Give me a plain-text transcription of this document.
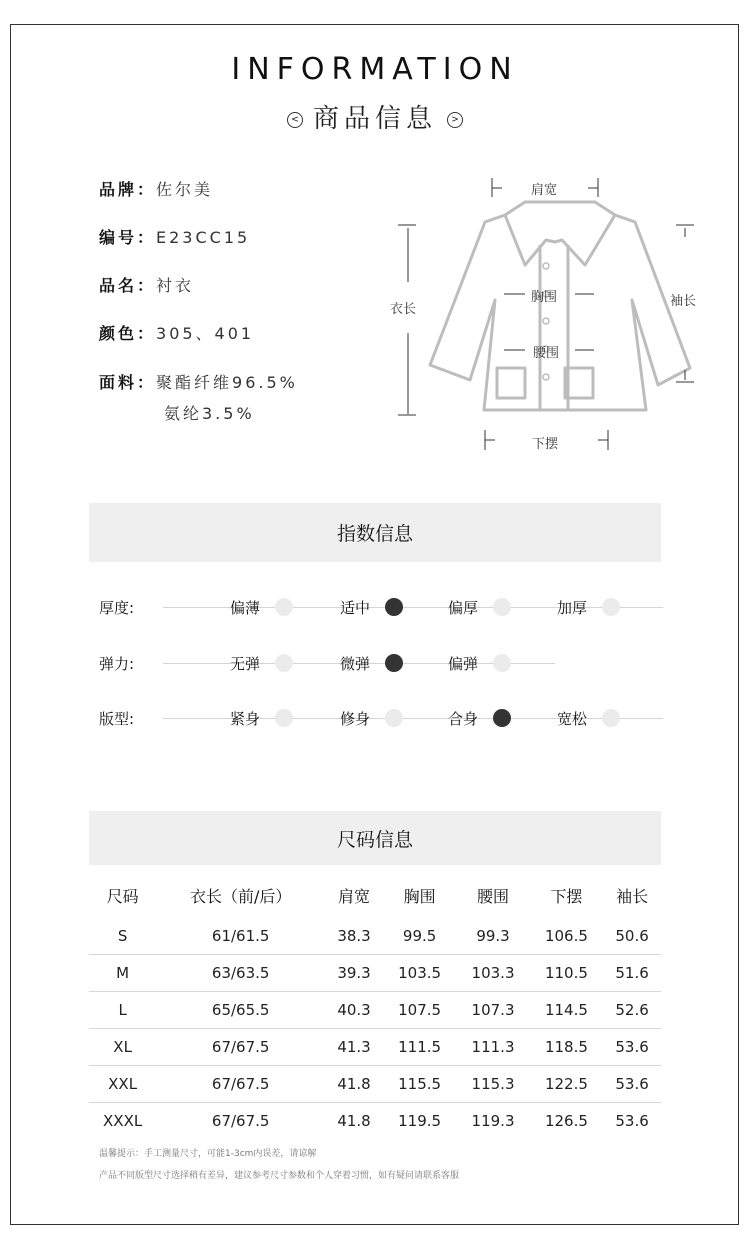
INFORMATION
< 商品信息 >
品牌：佐尔美
编号：E23CC15
品名：衬衣
颜色：305、401
面料：聚酯纤维96.5%
氨纶3.5%
肩宽
衣长
袖长
胸围
腰围
下摆
指数信息
厚度:	偏薄	适中	偏厚	加厚
弹力:	无弹	微弹	偏弹
版型:	紧身	修身	合身	宽松
尺码信息
尺码	衣长（前/后）	肩宽	胸围	腰围	下摆	袖长
S	61/61.5	38.3	99.5	99.3	106.5	50.6
M	63/63.5	39.3	103.5	103.3	110.5	51.6
L	65/65.5	40.3	107.5	107.3	114.5	52.6
XL	67/67.5	41.3	111.5	111.3	118.5	53.6
XXL	67/67.5	41.8	115.5	115.3	122.5	53.6
XXXL	67/67.5	41.8	119.5	119.3	126.5	53.6
温馨提示：手工测量尺寸，可能1-3cm内误差，请谅解
产品不同版型尺寸选择稍有差异，建议参考尺寸参数和个人穿着习惯，如有疑问请联系客服
